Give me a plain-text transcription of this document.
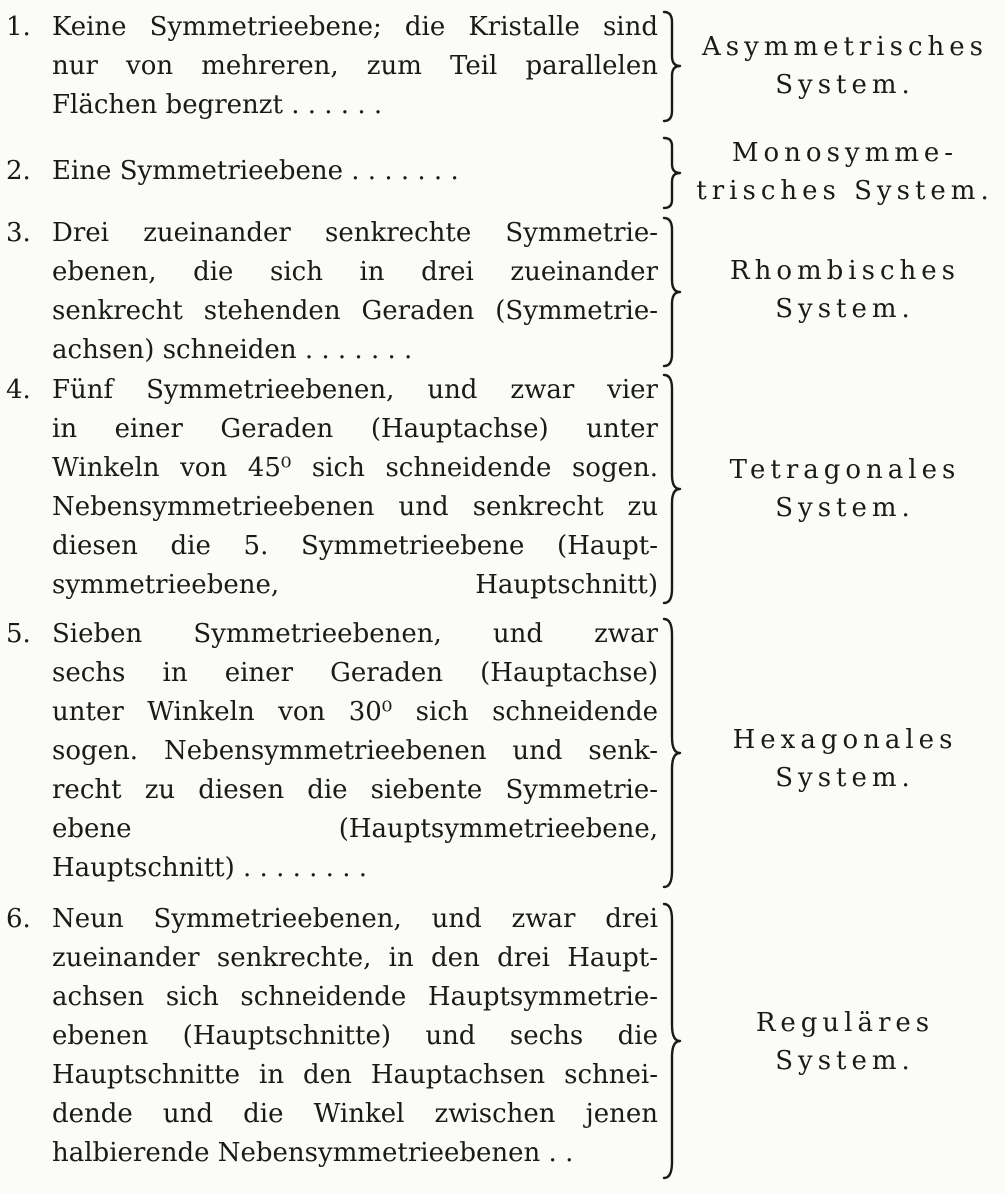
1. Keine Symmetrieebene; die Kristalle sind
nur von mehreren, zum Teil parallelen
Flächen begrenzt . . . . . .
Asymmetrisches
System.
2. Eine Symmetrieebene . . . . . . .
Monosymme-
trisches System.
3. Drei zueinander senkrechte Symmetrie-
ebenen, die sich in drei zueinander
senkrecht stehenden Geraden (Symmetrie-
achsen) schneiden . . . . . . .
Rhombisches
System.
4. Fünf Symmetrieebenen, und zwar vier
in einer Geraden (Hauptachse) unter
Winkeln von 45⁰ sich schneidende sogen.
Nebensymmetrieebenen und senkrecht zu
diesen die 5. Symmetrieebene (Haupt-
symmetrieebene, Hauptschnitt)
Tetragonales
System.
5. Sieben Symmetrieebenen, und zwar
sechs in einer Geraden (Hauptachse)
unter Winkeln von 30⁰ sich schneidende
sogen. Nebensymmetrieebenen und senk-
recht zu diesen die siebente Symmetrie-
ebene (Hauptsymmetrieebene,
Hauptschnitt) . . . . . . . .
Hexagonales
System.
6. Neun Symmetrieebenen, und zwar drei
zueinander senkrechte, in den drei Haupt-
achsen sich schneidende Hauptsymmetrie-
ebenen (Hauptschnitte) und sechs die
Hauptschnitte in den Hauptachsen schnei-
dende und die Winkel zwischen jenen
halbierende Nebensymmetrieebenen . .
Reguläres
System.
